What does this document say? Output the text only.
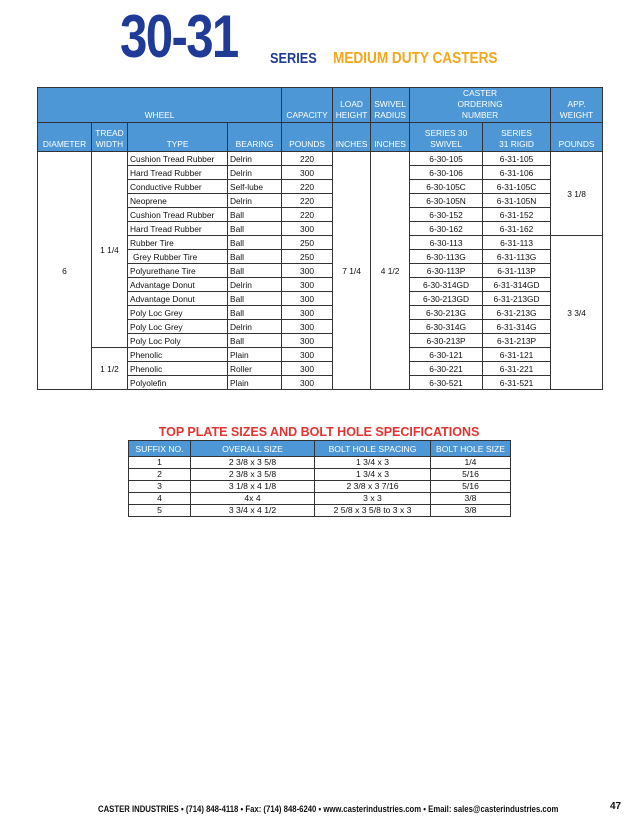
30-31 SERIES MEDIUM DUTY CASTERS
WHEEL				CAPACITY	LOAD HEIGHT	SWIVEL RADIUS	CASTER ORDERING NUMBER		APP. WEIGHT

DIAMETER	TREAD WIDTH	TYPE	BEARING	POUNDS	INCHES	INCHES	SERIES 30 SWIVEL	SERIES 31 RIGID	POUNDS
6	1 1/4	Cushion Tread Rubber	Delrin	220	7 1/4	4 1/2	6-30-105	6-31-105	3 1/8
		Hard Tread Rubber	Delrin	300			6-30-106	6-31-106	
		Conductive Rubber	Self-lube	220			6-30-105C	6-31-105C	
		Neoprene	Delrin	220			6-30-105N	6-31-105N	
		Cushion Tread Rubber	Ball	220			6-30-152	6-31-152	
		Hard Tread Rubber	Ball	300			6-30-162	6-31-162	
		Rubber Tire	Ball	250			6-30-113	6-31-113	3 3/4
		Grey Rubber Tire	Ball	250			6-30-113G	6-31-113G	
		Polyurethane Tire	Ball	300			6-30-113P	6-31-113P	
		Advantage Donut	Delrin	300			6-30-314GD	6-31-314GD	
		Advantage Donut	Ball	300			6-30-213GD	6-31-213GD	
		Poly Loc Grey	Ball	300			6-30-213G	6-31-213G	
		Poly Loc Grey	Delrin	300			6-30-314G	6-31-314G	
		Poly Loc Poly	Ball	300			6-30-213P	6-31-213P	
	1 1/2	Phenolic	Plain	300			6-30-121	6-31-121	
		Phenolic	Roller	300			6-30-221	6-31-221	
		Polyolefin	Plain	300			6-30-521	6-31-521	
TOP PLATE SIZES AND BOLT HOLE SPECIFICATIONS
SUFFIX NO.	OVERALL SIZE	BOLT HOLE SPACING	BOLT HOLE SIZE
1	2 3/8 x 3 5/8	1 3/4 x 3	1/4
2	2 3/8 x 3 5/8	1 3/4 x 3	5/16
3	3 1/8 x 4 1/8	2 3/8 x 3 7/16	5/16
4	4x 4	3 x 3	3/8
5	3 3/4 x 4 1/2	2 5/8 x 3 5/8 to 3 x 3	3/8
CASTER INDUSTRIES • (714) 848-4118 • Fax: (714) 848-6240 • www.casterindustries.com • Email: sales@casterindustries.com	47
